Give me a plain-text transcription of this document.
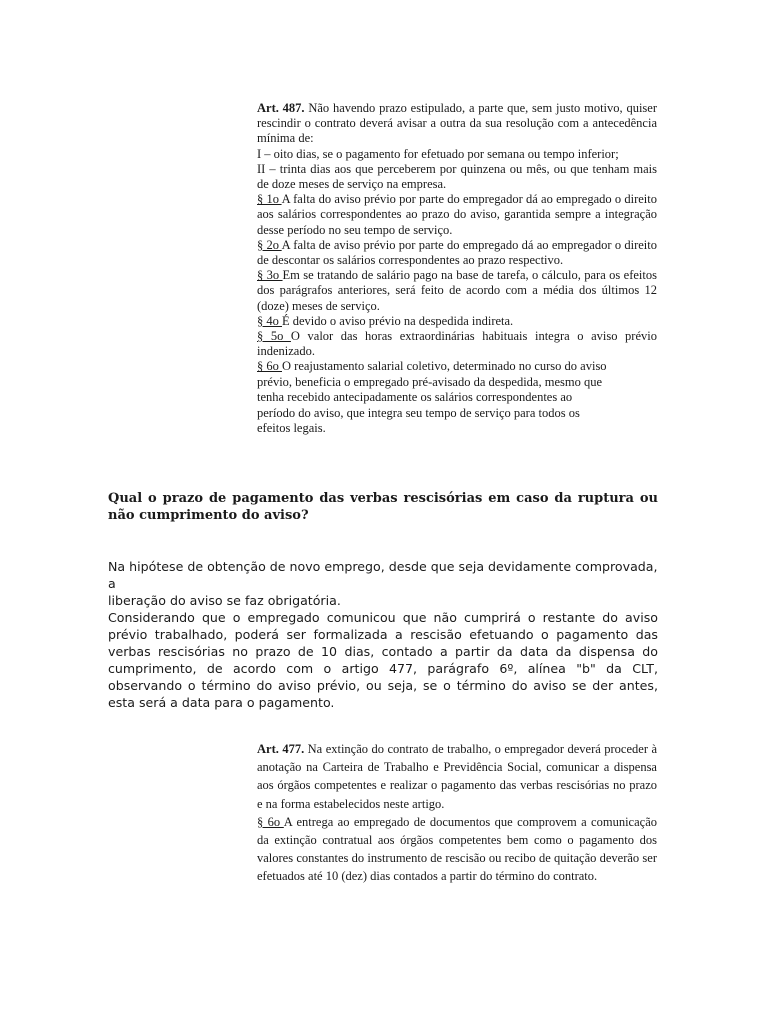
Art. 487. Não havendo prazo estipulado, a parte que, sem justo motivo, quiser rescindir o contrato deverá avisar a outra da sua resolução com a antecedência mínima de:

I – oito dias, se o pagamento for efetuado por semana ou tempo inferior;

II – trinta dias aos que perceberem por quinzena ou mês, ou que tenham mais de doze meses de serviço na empresa.

§ 1o A falta do aviso prévio por parte do empregador dá ao empregado o direito aos salários correspondentes ao prazo do aviso, garantida sempre a integração desse período no seu tempo de serviço.

§ 2o A falta de aviso prévio por parte do empregado dá ao empregador o direito de descontar os salários correspondentes ao prazo respectivo.

§ 3o Em se tratando de salário pago na base de tarefa, o cálculo, para os efeitos dos parágrafos anteriores, será feito de acordo com a média dos últimos 12 (doze) meses de serviço.

§ 4o É devido o aviso prévio na despedida indireta.

§ 5o O valor das horas extraordinárias habituais integra o aviso prévio indenizado.

§ 6o O reajustamento salarial coletivo, determinado no curso do aviso
prévio, beneficia o empregado pré-avisado da despedida, mesmo que
tenha recebido antecipadamente os salários correspondentes ao
período do aviso, que integra seu tempo de serviço para todos os
efeitos legais.

Qual o prazo de pagamento das verbas rescisórias em caso da ruptura ou não cumprimento do aviso?

Na hipótese de obtenção de novo emprego, desde que seja devidamente comprovada, a
liberação do aviso se faz obrigatória.

Considerando que o empregado comunicou que não cumprirá o restante do aviso prévio trabalhado, poderá ser formalizada a rescisão efetuando o pagamento das verbas rescisórias no prazo de 10 dias, contado a partir da data da dispensa do cumprimento, de acordo com o artigo 477, parágrafo 6º, alínea "b" da CLT, observando o término do aviso prévio, ou seja, se o término do aviso se der antes, esta será a data para o pagamento.

Art. 477. Na extinção do contrato de trabalho, o empregador deverá proceder à anotação na Carteira de Trabalho e Previdência Social, comunicar a dispensa aos órgãos competentes e realizar o pagamento das verbas rescisórias no prazo e na forma estabelecidos neste artigo.

§ 6o A entrega ao empregado de documentos que comprovem a comunicação da extinção contratual aos órgãos competentes bem como o pagamento dos valores constantes do instrumento de rescisão ou recibo de quitação deverão ser efetuados até 10 (dez) dias contados a partir do término do contrato.
